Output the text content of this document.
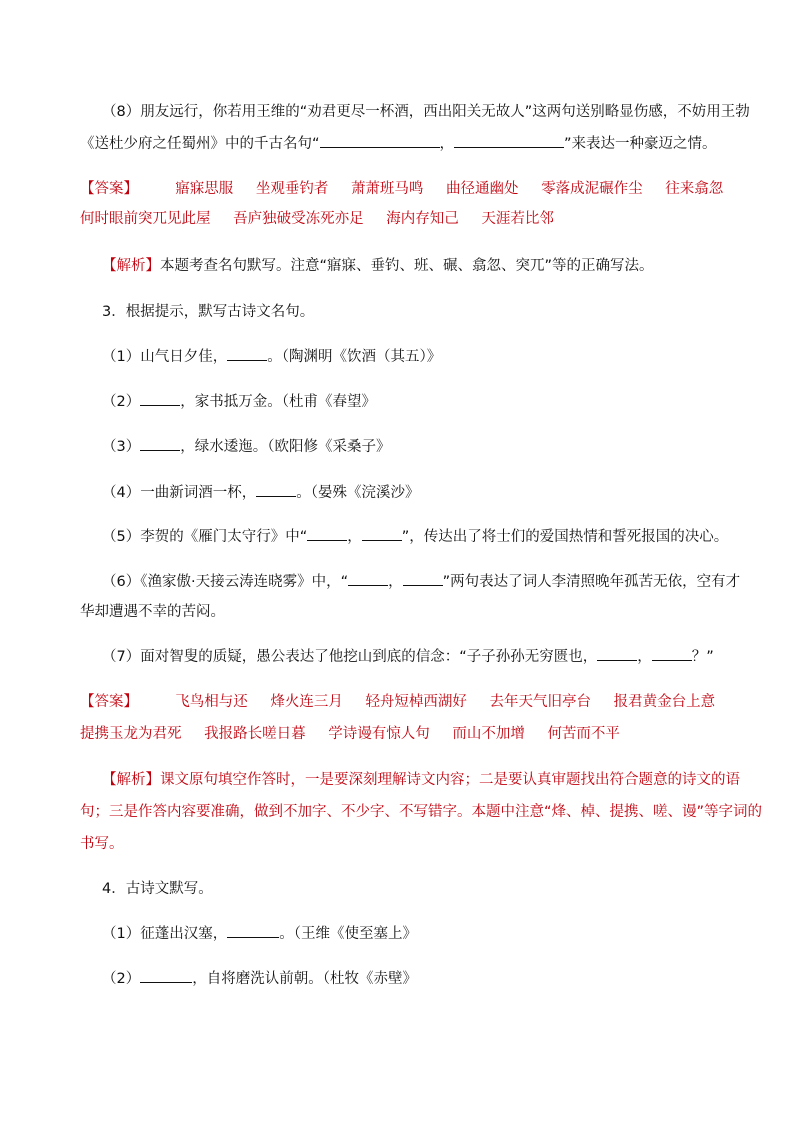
（8）朋友远行，你若用王维的“劝君更尽一杯酒，西出阳关无故人”这两句送别略显伤感，不妨用王勃
《送杜少府之任蜀州》中的千古名句“	，	”来表达一种豪迈之情。
【答案】	寤寐思服 坐观垂钓者 萧萧班马鸣 曲径通幽处 零落成泥碾作尘 往来翕忽
何时眼前突兀见此屋 吾庐独破受冻死亦足 海内存知己 天涯若比邻
【解析】本题考查名句默写。注意“寤寐、垂钓、班、碾、翕忽、突兀”等的正确写法。
3．根据提示，默写古诗文名句。
（1）山气日夕佳，	。（陶渊明《饮酒（其五）》
（2）	，家书抵万金。（杜甫《春望》
（3）	，绿水逶迤。（欧阳修《采桑子》
（4）一曲新词酒一杯，	。（晏殊《浣溪沙》
（5）李贺的《雁门太守行》中“	，	”，传达出了将士们的爱国热情和誓死报国的决心。
（6）《渔家傲·天接云涛连晓雾》中，“	，	”两句表达了词人李清照晚年孤苦无依，空有才
华却遭遇不幸的苦闷。
（7）面对智叟的质疑，愚公表达了他挖山到底的信念：“子子孙孙无穷匮也，	，	？”
【答案】	飞鸟相与还 烽火连三月 轻舟短棹西湖好 去年天气旧亭台 报君黄金台上意
提携玉龙为君死 我报路长嗟日暮 学诗谩有惊人句 而山不加增 何苦而不平
【解析】课文原句填空作答时，一是要深刻理解诗文内容；二是要认真审题找出符合题意的诗文的语
句；三是作答内容要准确，做到不加字、不少字、不写错字。本题中注意“烽、棹、提携、嗟、谩”等字词的
书写。
4．古诗文默写。
（1）征蓬出汉塞，	。（王维《使至塞上》
（2）	，自将磨洗认前朝。（杜牧《赤壁》
